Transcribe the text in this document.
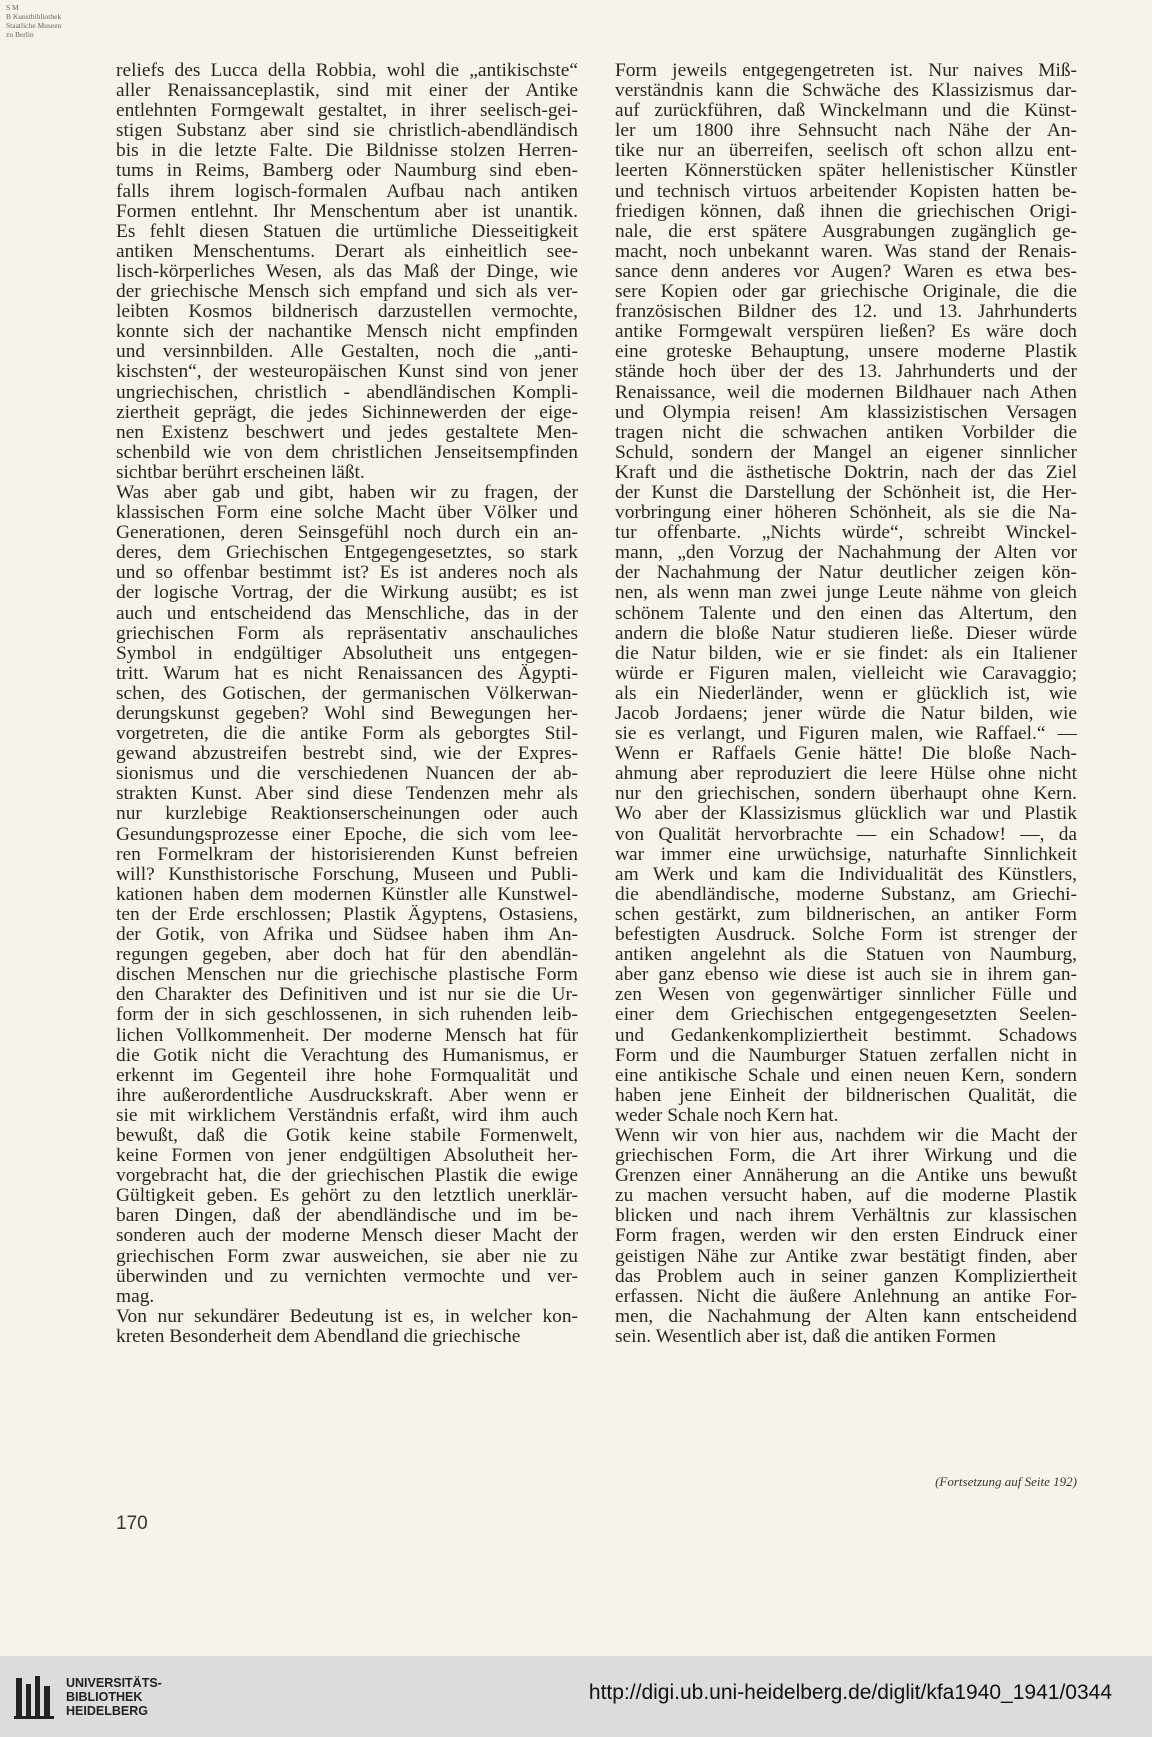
S M
B Kunstbibliothek
Staatliche Museen
zu Berlin
reliefs des Lucca della Robbia, wohl die „antikischste“
aller Renaissanceplastik, sind mit einer der Antike
entlehnten Formgewalt gestaltet, in ihrer seelisch-gei-
stigen Substanz aber sind sie christlich-abendländisch
bis in die letzte Falte. Die Bildnisse stolzen Herren-
tums in Reims, Bamberg oder Naumburg sind eben-
falls ihrem logisch-formalen Aufbau nach antiken
Formen entlehnt. Ihr Menschentum aber ist unantik.
Es fehlt diesen Statuen die urtümliche Diesseitigkeit
antiken Menschentums. Derart als einheitlich see-
lisch-körperliches Wesen, als das Maß der Dinge, wie
der griechische Mensch sich empfand und sich als ver-
leibten Kosmos bildnerisch darzustellen vermochte,
konnte sich der nachantike Mensch nicht empfinden
und versinnbilden. Alle Gestalten, noch die „anti-
kischsten“, der westeuropäischen Kunst sind von jener
ungriechischen, christlich - abendländischen Kompli-
ziertheit geprägt, die jedes Sichinnewerden der eige-
nen Existenz beschwert und jedes gestaltete Men-
schenbild wie von dem christlichen Jenseitsempfinden
sichtbar berührt erscheinen läßt.
Was aber gab und gibt, haben wir zu fragen, der
klassischen Form eine solche Macht über Völker und
Generationen, deren Seinsgefühl noch durch ein an-
deres, dem Griechischen Entgegengesetztes, so stark
und so offenbar bestimmt ist? Es ist anderes noch als
der logische Vortrag, der die Wirkung ausübt; es ist
auch und entscheidend das Menschliche, das in der
griechischen Form als repräsentativ anschauliches
Symbol in endgültiger Absolutheit uns entgegen-
tritt. Warum hat es nicht Renaissancen des Ägypti-
schen, des Gotischen, der germanischen Völkerwan-
derungskunst gegeben? Wohl sind Bewegungen her-
vorgetreten, die die antike Form als geborgtes Stil-
gewand abzustreifen bestrebt sind, wie der Expres-
sionismus und die verschiedenen Nuancen der ab-
strakten Kunst. Aber sind diese Tendenzen mehr als
nur kurzlebige Reaktionserscheinungen oder auch
Gesundungsprozesse einer Epoche, die sich vom lee-
ren Formelkram der historisierenden Kunst befreien
will? Kunsthistorische Forschung, Museen und Publi-
kationen haben dem modernen Künstler alle Kunstwel-
ten der Erde erschlossen; Plastik Ägyptens, Ostasiens,
der Gotik, von Afrika und Südsee haben ihm An-
regungen gegeben, aber doch hat für den abendlän-
dischen Menschen nur die griechische plastische Form
den Charakter des Definitiven und ist nur sie die Ur-
form der in sich geschlossenen, in sich ruhenden leib-
lichen Vollkommenheit. Der moderne Mensch hat für
die Gotik nicht die Verachtung des Humanismus, er
erkennt im Gegenteil ihre hohe Formqualität und
ihre außerordentliche Ausdruckskraft. Aber wenn er
sie mit wirklichem Verständnis erfaßt, wird ihm auch
bewußt, daß die Gotik keine stabile Formenwelt,
keine Formen von jener endgültigen Absolutheit her-
vorgebracht hat, die der griechischen Plastik die ewige
Gültigkeit geben. Es gehört zu den letztlich unerklär-
baren Dingen, daß der abendländische und im be-
sonderen auch der moderne Mensch dieser Macht der
griechischen Form zwar ausweichen, sie aber nie zu
überwinden und zu vernichten vermochte und ver-
mag.
Von nur sekundärer Bedeutung ist es, in welcher kon-
kreten Besonderheit dem Abendland die griechische
Form jeweils entgegengetreten ist. Nur naives Miß-
verständnis kann die Schwäche des Klassizismus dar-
auf zurückführen, daß Winckelmann und die Künst-
ler um 1800 ihre Sehnsucht nach Nähe der An-
tike nur an überreifen, seelisch oft schon allzu ent-
leerten Könnerstücken später hellenistischer Künstler
und technisch virtuos arbeitender Kopisten hatten be-
friedigen können, daß ihnen die griechischen Origi-
nale, die erst spätere Ausgrabungen zugänglich ge-
macht, noch unbekannt waren. Was stand der Renais-
sance denn anderes vor Augen? Waren es etwa bes-
sere Kopien oder gar griechische Originale, die die
französischen Bildner des 12. und 13. Jahrhunderts
antike Formgewalt verspüren ließen? Es wäre doch
eine groteske Behauptung, unsere moderne Plastik
stände hoch über der des 13. Jahrhunderts und der
Renaissance, weil die modernen Bildhauer nach Athen
und Olympia reisen! Am klassizistischen Versagen
tragen nicht die schwachen antiken Vorbilder die
Schuld, sondern der Mangel an eigener sinnlicher
Kraft und die ästhetische Doktrin, nach der das Ziel
der Kunst die Darstellung der Schönheit ist, die Her-
vorbringung einer höheren Schönheit, als sie die Na-
tur offenbarte. „Nichts würde“, schreibt Winckel-
mann, „den Vorzug der Nachahmung der Alten vor
der Nachahmung der Natur deutlicher zeigen kön-
nen, als wenn man zwei junge Leute nähme von gleich
schönem Talente und den einen das Altertum, den
andern die bloße Natur studieren ließe. Dieser würde
die Natur bilden, wie er sie findet: als ein Italiener
würde er Figuren malen, vielleicht wie Caravaggio;
als ein Niederländer, wenn er glücklich ist, wie
Jacob Jordaens; jener würde die Natur bilden, wie
sie es verlangt, und Figuren malen, wie Raffael.“ —
Wenn er Raffaels Genie hätte! Die bloße Nach-
ahmung aber reproduziert die leere Hülse ohne nicht
nur den griechischen, sondern überhaupt ohne Kern.
Wo aber der Klassizismus glücklich war und Plastik
von Qualität hervorbrachte — ein Schadow! —, da
war immer eine urwüchsige, naturhafte Sinnlichkeit
am Werk und kam die Individualität des Künstlers,
die abendländische, moderne Substanz, am Griechi-
schen gestärkt, zum bildnerischen, an antiker Form
befestigten Ausdruck. Solche Form ist strenger der
antiken angelehnt als die Statuen von Naumburg,
aber ganz ebenso wie diese ist auch sie in ihrem gan-
zen Wesen von gegenwärtiger sinnlicher Fülle und
einer dem Griechischen entgegengesetzten Seelen-
und Gedankenkompliziertheit bestimmt. Schadows
Form und die Naumburger Statuen zerfallen nicht in
eine antikische Schale und einen neuen Kern, sondern
haben jene Einheit der bildnerischen Qualität, die
weder Schale noch Kern hat.
Wenn wir von hier aus, nachdem wir die Macht der
griechischen Form, die Art ihrer Wirkung und die
Grenzen einer Annäherung an die Antike uns bewußt
zu machen versucht haben, auf die moderne Plastik
blicken und nach ihrem Verhältnis zur klassischen
Form fragen, werden wir den ersten Eindruck einer
geistigen Nähe zur Antike zwar bestätigt finden, aber
das Problem auch in seiner ganzen Kompliziertheit
erfassen. Nicht die äußere Anlehnung an antike For-
men, die Nachahmung der Alten kann entscheidend
sein. Wesentlich aber ist, daß die antiken Formen
(Fortsetzung auf Seite 192)
170
UNIVERSITÄTS-
BIBLIOTHEK
HEIDELBERG
http://digi.ub.uni-heidelberg.de/diglit/kfa1940_1941/0344
